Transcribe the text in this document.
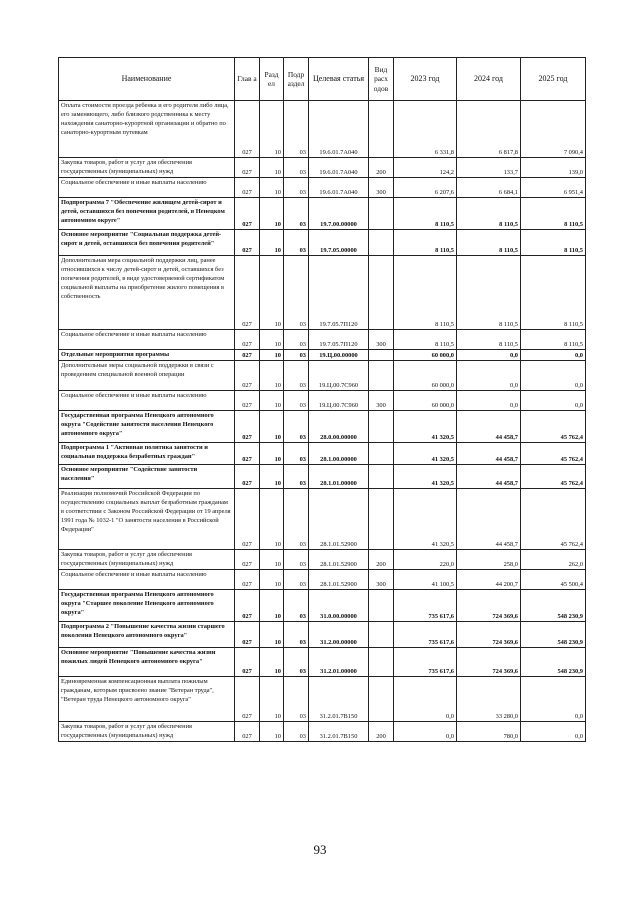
Наименование	Глав а	Разд ел	Подр аздел	Целевая статья	Вид расх одов	2023 год	2024 год	2025 год
Оплата стоимости проезда ребенка и его родителя либо лица, его заменяющего, либо близкого родственника к месту нахождения санаторно-курортной организации и обратно по санаторно-курортным путевкам	027	10	03	19.6.01.7А040		6 331,8	6 817,8	7 090,4
Закупка товаров, работ и услуг для обеспечения государственных (муниципальных) нужд	027	10	03	19.6.01.7А040	200	124,2	133,7	139,0
Социальное обеспечение и иные выплаты населению	027	10	03	19.6.01.7А040	300	6 207,6	6 684,1	6 951,4
Подпрограмма 7 "Обеспечение жилищем детей-сирот и детей, оставшихся без попечения родителей, в Ненецком автономном округе"	027	10	03	19.7.00.00000		8 110,5	8 110,5	8 110,5
Основное мероприятие "Социальная поддержка детей-сирот и детей, оставшихся без попечения родителей"	027	10	03	19.7.05.00000		8 110,5	8 110,5	8 110,5
Дополнительная мера социальной поддержки лиц, ранее относившихся к числу детей-сирот и детей, оставшихся без попечения родителей, в виде удостоверяемой сертификатом социальной выплаты на приобретение жилого помещения в собственность	027	10	03	19.7.05.7П120		8 110,5	8 110,5	8 110,5
Социальное обеспечение и иные выплаты населению	027	10	03	19.7.05.7П120	300	8 110,5	8 110,5	8 110,5
Отдельные мероприятия программы	027	10	03	19.Ц.00.00000		60 000,0	0,0	0,0
Дополнительные меры социальной поддержки в связи с проведением специальной военной операции	027	10	03	19.Ц.00.7С960		60 000,0	0,0	0,0
Социальное обеспечение и иные выплаты населению	027	10	03	19.Ц.00.7С960	300	60 000,0	0,0	0,0
Государственная программа Ненецкого автономного округа "Содействие занятости населения Ненецкого автономного округа"	027	10	03	28.0.00.00000		41 320,5	44 458,7	45 762,4
Подпрограмма 1 "Активная политика занятости и социальная поддержка безработных граждан"	027	10	03	28.1.00.00000		41 320,5	44 458,7	45 762,4
Основное мероприятие "Содействие занятости населения"	027	10	03	28.1.01.00000		41 320,5	44 458,7	45 762,4
Реализация полномочий Российской Федерации по осуществлению социальных выплат безработным гражданам в соответствии с Законом Российской Федерации от 19 апреля 1991 года № 1032-1 "О занятости населения в Российской Федерации"	027	10	03	28.1.01.52900		41 320,5	44 458,7	45 762,4
Закупка товаров, работ и услуг для обеспечения государственных (муниципальных) нужд	027	10	03	28.1.01.52900	200	220,0	258,0	262,0
Социальное обеспечение и иные выплаты населению	027	10	03	28.1.01.52900	300	41 100,5	44 200,7	45 500,4
Государственная программа Ненецкого автономного округа "Старшее поколение Ненецкого автономного округа"	027	10	03	31.0.00.00000		735 617,6	724 369,6	548 230,9
Подпрограмма 2 "Повышение качества жизни старшего поколения Ненецкого автономного округа"	027	10	03	31.2.00.00000		735 617,6	724 369,6	548 230,9
Основное мероприятие "Повышение качества жизни пожилых людей Ненецкого автономного округа"	027	10	03	31.2.01.00000		735 617,6	724 369,6	548 230,9
Единовременная компенсационная выплата пожилым гражданам, которым присвоено звание "Ветеран труда", "Ветеран труда Ненецкого автономного округа"	027	10	03	31.2.01.7В150		0,0	33 280,0	0,0
Закупка товаров, работ и услуг для обеспечения государственных (муниципальных) нужд	027	10	03	31.2.01.7В150	200	0,0	780,0	0,0
93
